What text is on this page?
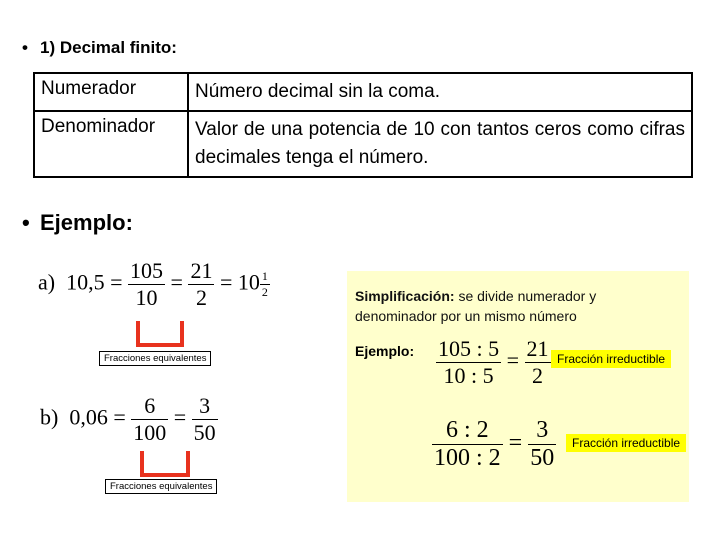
• 1) Decimal finito:
Numerador	Número decimal sin la coma.
Denominador	Valor de una potencia de 10 con tantos ceros como cifras decimales tenga el número.
• Ejemplo:
a) $10,5 = \frac{105}{10} = \frac{21}{2} = 10 \frac{1}{2}$
Fracciones equivalentes
b) $0,06 = \frac{6}{100} = \frac{3}{50}$
Fracciones equivalentes
Simplificación: se divide numerador y denominador por un mismo número
Ejemplo: $\frac{105 : 5}{10 : 5} = \frac{21}{2}$ Fracción irreductible
$\frac{6 : 2}{100 : 2} = \frac{3}{50}$	Fracción irreductible
